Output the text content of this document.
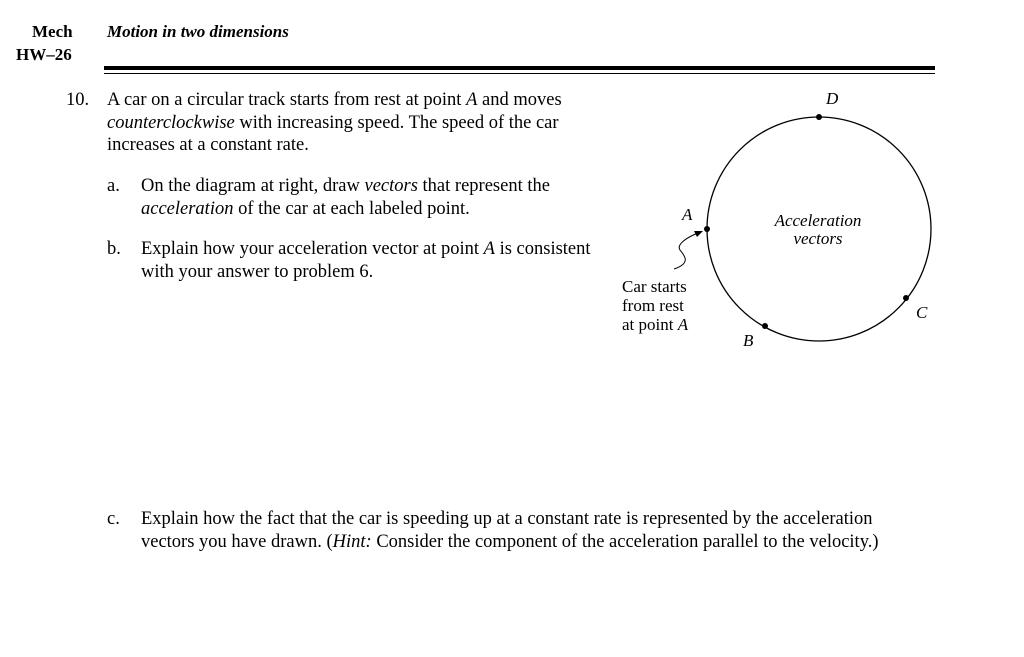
Mech
HW–26
Motion in two dimensions
10. A car on a circular track starts from rest at point A and moves counterclockwise with increasing speed. The speed of the car increases at a constant rate.
a. On the diagram at right, draw vectors that represent the acceleration of the car at each labeled point.
b. Explain how your acceleration vector at point A is consistent with your answer to problem 6.
c. Explain how the fact that the car is speeding up at a constant rate is represented by the acceleration vectors you have drawn. (Hint: Consider the component of the acceleration parallel to the velocity.)
D
A
B
C
Acceleration
vectors
Car starts from rest
at point A
